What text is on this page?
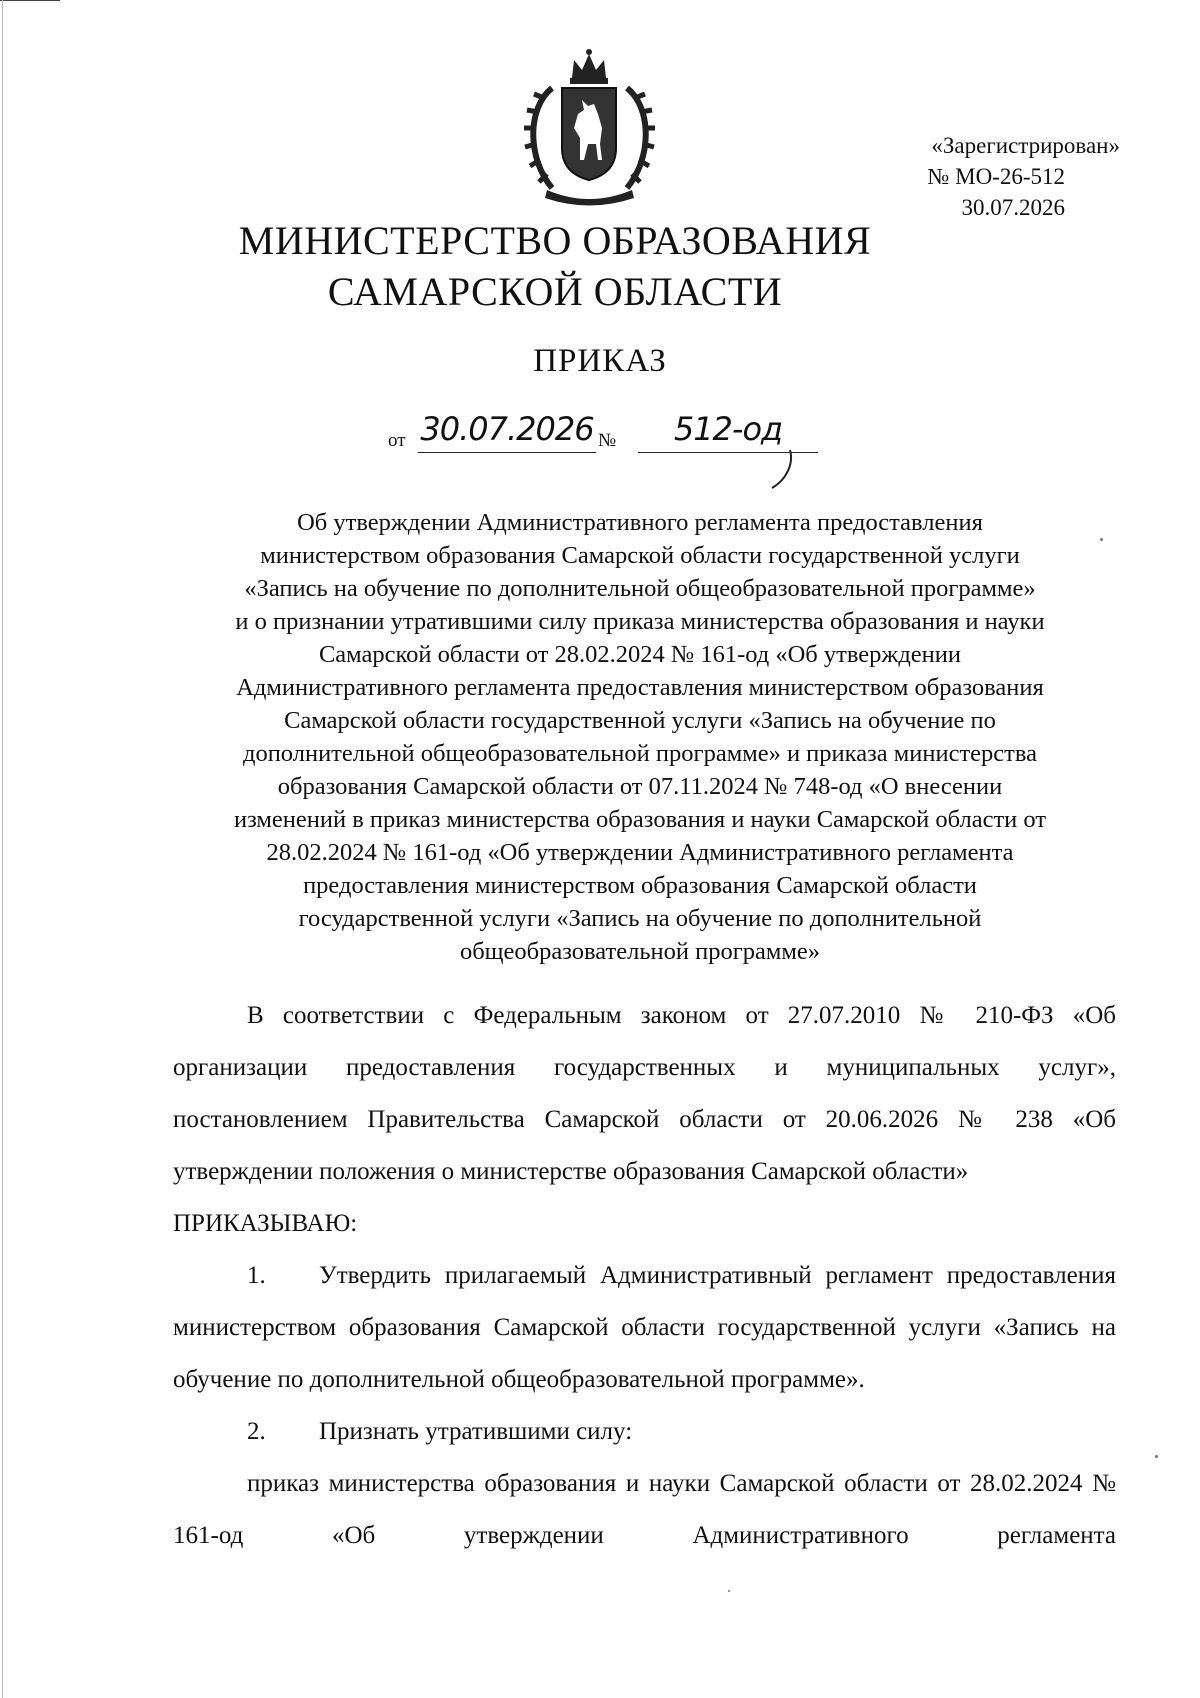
«Зарегистрирован»
№ МО-26-512
30.07.2026
МИНИСТЕРСТВО ОБРАЗОВАНИЯ
САМАРСКОЙ ОБЛАСТИ
ПРИКАЗ
от 30.07.2026 №	512-од
Об утверждении Административного регламента предоставления
министерством образования Самарской области государственной услуги
«Запись на обучение по дополнительной общеобразовательной программе»
и о признании утратившими силу приказа министерства образования и науки
Самарской области от 28.02.2024 № 161-од «Об утверждении
Административного регламента предоставления министерством образования
Самарской области государственной услуги «Запись на обучение по
дополнительной общеобразовательной программе» и приказа министерства
образования Самарской области от 07.11.2024 № 748-од «О внесении
изменений в приказ министерства образования и науки Самарской области от
28.02.2024 № 161-од «Об утверждении Административного регламента
предоставления министерством образования Самарской области
государственной услуги «Запись на обучение по дополнительной
общеобразовательной программе»

В соответствии с Федеральным законом от 27.07.2010 № 210-ФЗ «Об организации предоставления государственных и муниципальных услуг», постановлением Правительства Самарской области от 20.06.2026 № 238 «Об утверждении положения о министерстве образования Самарской области»

ПРИКАЗЫВАЮ:

1. Утвердить прилагаемый Административный регламент предоставления министерством образования Самарской области государственной услуги «Запись на обучение по дополнительной общеобразовательной программе».

2. Признать утратившими силу:

приказ министерства образования и науки Самарской области от 28.02.2024 № 161-од «Об утверждении Административного регламента
